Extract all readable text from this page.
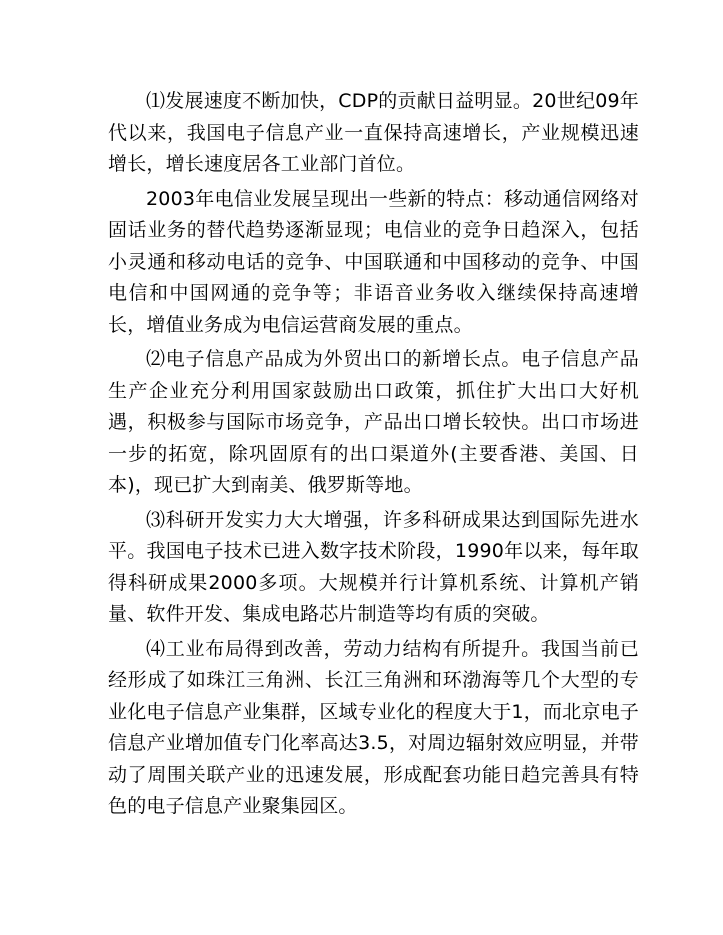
⑴发展速度不断加快，CDP的贡献日益明显。20世纪09年代以来，我国电子信息产业一直保持高速增长，产业规模迅速增长，增长速度居各工业部门首位。

2003年电信业发展呈现出一些新的特点：移动通信网络对固话业务的替代趋势逐渐显现；电信业的竞争日趋深入，包括小灵通和移动电话的竞争、中国联通和中国移动的竞争、中国电信和中国网通的竞争等；非语音业务收入继续保持高速增长，增值业务成为电信运营商发展的重点。

⑵电子信息产品成为外贸出口的新增长点。电子信息产品生产企业充分利用国家鼓励出口政策，抓住扩大出口大好机遇，积极参与国际市场竞争，产品出口增长较快。出口市场进一步的拓宽，除巩固原有的出口渠道外(主要香港、美国、日本)，现已扩大到南美、俄罗斯等地。

⑶科研开发实力大大增强，许多科研成果达到国际先进水平。我国电子技术已进入数字技术阶段，1990年以来，每年取得科研成果2000多项。大规模并行计算机系统、计算机产销量、软件开发、集成电路芯片制造等均有质的突破。

⑷工业布局得到改善，劳动力结构有所提升。我国当前已经形成了如珠江三角洲、长江三角洲和环渤海等几个大型的专业化电子信息产业集群，区域专业化的程度大于1，而北京电子信息产业增加值专门化率高达3.5，对周边辐射效应明显，并带动了周围关联产业的迅速发展，形成配套功能日趋完善具有特色的电子信息产业聚集园区。
